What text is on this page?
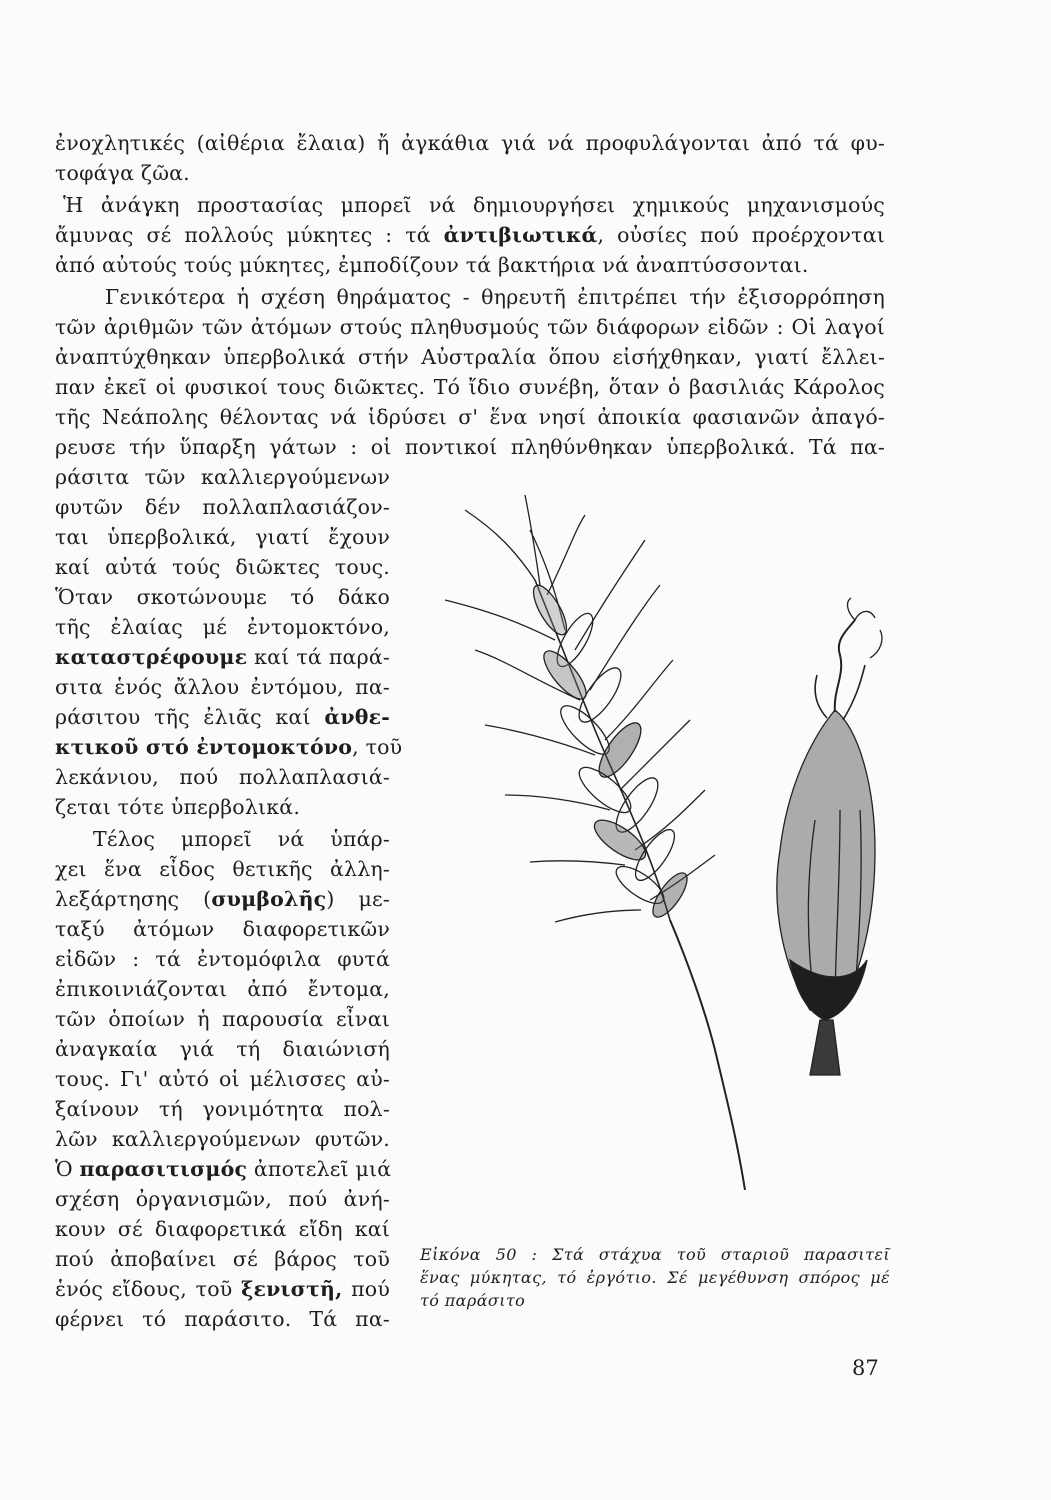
ἐνοχλητικές (αἰθέρια ἔλαια) ἤ ἀγκάθια γιά νά προφυλάγονται ἀπό τά φυ-
τοφάγα ζῶα.
Ἡ ἀνάγκη προστασίας μπορεῖ νά δημιουργήσει χημικούς μηχανισμούς
ἄμυνας σέ πολλούς μύκητες : τά ἀντιβιωτικά, οὐσίες πού προέρχονται
ἀπό αὐτούς τούς μύκητες, ἐμποδίζουν τά βακτήρια νά ἀναπτύσσονται.
Γενικότερα ἡ σχέση θηράματος - θηρευτῆ ἐπιτρέπει τήν ἐξισορρόπηση
τῶν ἀριθμῶν τῶν ἀτόμων στούς πληθυσμούς τῶν διάφορων εἰδῶν : Οἱ λαγοί
ἀναπτύχθηκαν ὑπερβολικά στήν Αὐστραλία ὅπου εἰσήχθηκαν, γιατί ἔλλει-
παν ἐκεῖ οἱ φυσικοί τους διῶκτες. Τό ἴδιο συνέβη, ὅταν ὁ βασιλιάς Κάρολος
τῆς Νεάπολης θέλοντας νά ἱδρύσει σ' ἕνα νησί ἀποικία φασιανῶν ἀπαγό-
ρευσε τήν ὕπαρξη γάτων : οἱ ποντικοί πληθύνθηκαν ὑπερβολικά. Τά πα-
ράσιτα τῶν καλλιεργούμενων
φυτῶν δέν πολλαπλασιάζον-
ται ὑπερβολικά, γιατί ἔχουν
καί αὐτά τούς διῶκτες τους.
Ὅταν σκοτώνουμε τό δάκο
τῆς ἐλαίας μέ ἐντομοκτόνο,
καταστρέφουμε καί τά παρά-
σιτα ἑνός ἄλλου ἐντόμου, πα-
ράσιτου τῆς ἐλιᾶς καί ἀνθε-
κτικοῦ στό ἐντομοκτόνο, τοῦ
λεκάνιου, πού πολλαπλασιά-
ζεται τότε ὑπερβολικά.
Τέλος μπορεῖ νά ὑπάρ-
χει ἕνα εἶδος θετικῆς ἀλλη-
λεξάρτησης (συμβολῆς) με-
ταξύ ἀτόμων διαφορετικῶν
εἰδῶν : τά ἐντομόφιλα φυτά
ἐπικοινιάζονται ἀπό ἔντομα,
τῶν ὁποίων ἡ παρουσία εἶναι
ἀναγκαία γιά τή διαιώνισή
τους. Γι' αὐτό οἱ μέλισσες αὐ-
ξαίνουν τή γονιμότητα πολ-
λῶν καλλιεργούμενων φυτῶν.
Ὁ παρασιτισμός ἀποτελεῖ μιά
σχέση ὀργανισμῶν, πού ἀνή-
κουν σέ διαφορετικά εἴδη καί
πού ἀποβαίνει σέ βάρος τοῦ
ἑνός εἴδους, τοῦ ξενιστῆ, πού
φέρνει τό παράσιτο. Τά πα-
Εἰκόνα 50 : Στά στάχυα τοῦ σταριοῦ παρασιτεῖ
ἕνας μύκητας, τό ἐργότιο. Σέ μεγέθυνση σπόρος μέ
τό παράσιτο
87
